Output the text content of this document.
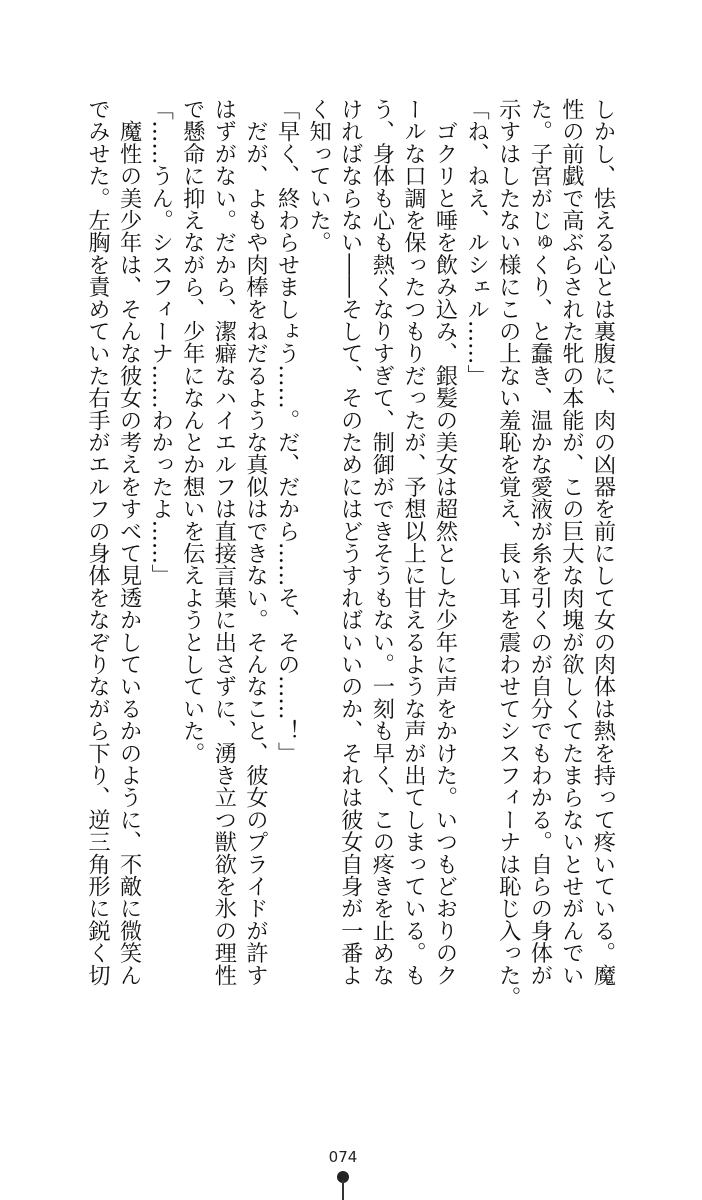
しかし、怯える心とは裏腹に、肉の凶器を前にして女の肉体は熱を持って疼いている。魔
性の前戯で高ぶらされた牝の本能が、この巨大な肉塊が欲しくてたまらないとせがんでい
た。子宮がじゅくり、と蠢き、温かな愛液が糸を引くのが自分でもわかる。自らの身体が
示すはしたない様にこの上ない羞恥を覚え、長い耳を震わせてシスフィーナは恥じ入った。
「ね、ねえ、ルシェル……」
　ゴクリと唾を飲み込み、銀髪の美女は超然とした少年に声をかけた。いつもどおりのク
ールな口調を保ったつもりだったが、予想以上に甘えるような声が出てしまっている。も
う、身体も心も熱くなりすぎて、制御ができそうもない。一刻も早く、この疼きを止めな
ければならない――そして、そのためにはどうすればいいのか、それは彼女自身が一番よ
く知っていた。
「早く、終わらせましょう……。だ、だから……そ、その……！」
　だが、よもや肉棒をねだるような真似はできない。そんなこと、彼女のプライドが許す
はずがない。だから、潔癖なハイエルフは直接言葉に出さずに、湧き立つ獣欲を氷の理性
で懸命に抑えながら、少年になんとか想いを伝えようとしていた。
「……うん。シスフィーナ……わかったよ……」
　魔性の美少年は、そんな彼女の考えをすべて見透かしているかのように、不敵に微笑ん
でみせた。左胸を責めていた右手がエルフの身体をなぞりながら下り、逆三角形に鋭く切
074
